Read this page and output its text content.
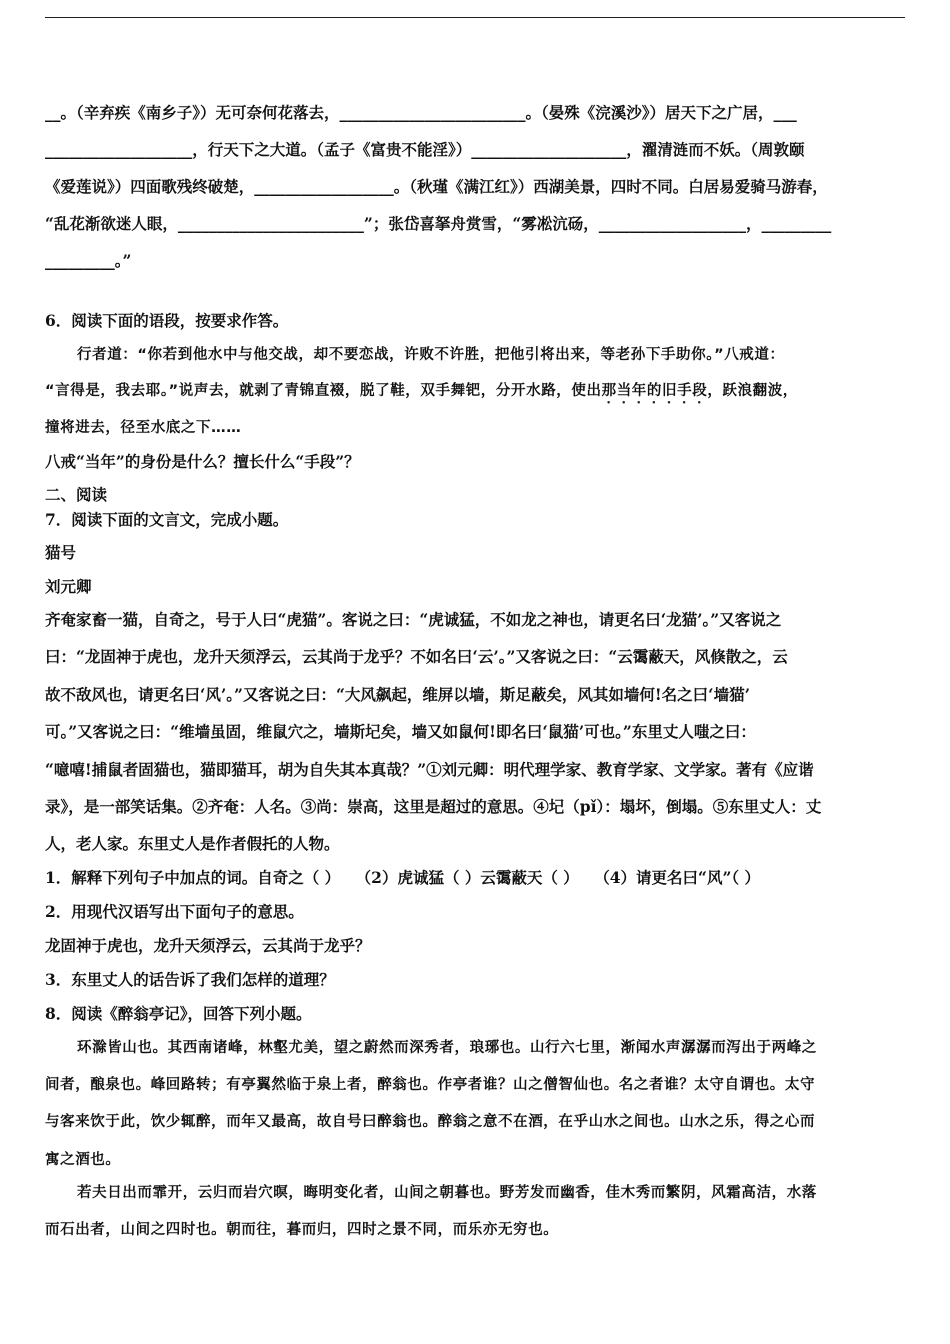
__。（辛弃疾《南乡子》）无可奈何花落去，________________________。（晏殊《浣溪沙》）居天下之广居，___
___________________，行天下之大道。（孟子《富贵不能淫》）____________________，濯清涟而不妖。（周敦颐
《爱莲说》）四面歌残终破楚，__________________。（秋瑾《满江红》）西湖美景，四时不同。白居易爱骑马游春，
“乱花渐欲迷人眼，________________________”；张岱喜拏舟赏雪，“雾凇沆砀，___________________，_________
_________。”
6．阅读下面的语段，按要求作答。
行者道：“你若到他水中与他交战，却不要恋战，许败不许胜，把他引将出来，等老孙下手助你。”八戒道：
“言得是，我去耶。”说声去，就剥了青锦直裰，脱了鞋，双手舞钯，分开水路，使出那当年的旧手段，跃浪翻波，
撞将进去，径至水底之下……
八戒“当年”的身份是什么？擅长什么“手段”？
二、阅读
7．阅读下面的文言文，完成小题。
猫号
刘元卿
齐奄家畜一猫，自奇之，号于人曰“虎猫”。客说之曰：“虎诚猛，不如龙之神也，请更名曰‘龙猫’。”又客说之
曰：“龙固神于虎也，龙升天须浮云，云其尚于龙乎？不如名曰‘云’。”又客说之曰：“云霭蔽天，风倏散之，云
故不敌风也，请更名曰‘风’。”又客说之曰：“大风飙起，维屏以墙，斯足蔽矣，风其如墙何!名之曰‘墙猫’
可。”又客说之曰：“维墙虽固，维鼠穴之，墙斯圮矣，墙又如鼠何!即名曰‘鼠猫’可也。”东里丈人嗤之曰：
“噫嘻!捕鼠者固猫也，猫即猫耳，胡为自失其本真哉？”①刘元卿：明代理学家、教育学家、文学家。著有《应谐
录》，是一部笑话集。②齐奄：人名。③尚：崇高，这里是超过的意思。④圮（pǐ）：塌坏，倒塌。⑤东里丈人：丈
人，老人家。东里丈人是作者假托的人物。
1．解释下列句子中加点的词。自奇之（ ）　　（2）虎诚猛（ ）云霭蔽天（ ）　　（4）请更名曰“风”（ ）
2．用现代汉语写出下面句子的意思。
龙固神于虎也，龙升天须浮云，云其尚于龙乎？
3．东里丈人的话告诉了我们怎样的道理？
8．阅读《醉翁亭记》，回答下列小题。
环滁皆山也。其西南诸峰，林壑尤美，望之蔚然而深秀者，琅琊也。山行六七里，渐闻水声潺潺而泻出于两峰之
间者，酿泉也。峰回路转；有亭翼然临于泉上者，醉翁也。作亭者谁？山之僧智仙也。名之者谁？太守自谓也。太守
与客来饮于此，饮少辄醉，而年又最高，故自号曰醉翁也。醉翁之意不在酒，在乎山水之间也。山水之乐，得之心而
寓之酒也。
若夫日出而霏开，云归而岩穴暝，晦明变化者，山间之朝暮也。野芳发而幽香，佳木秀而繁阴，风霜高洁，水落
而石出者，山间之四时也。朝而往，暮而归，四时之景不同，而乐亦无穷也。
